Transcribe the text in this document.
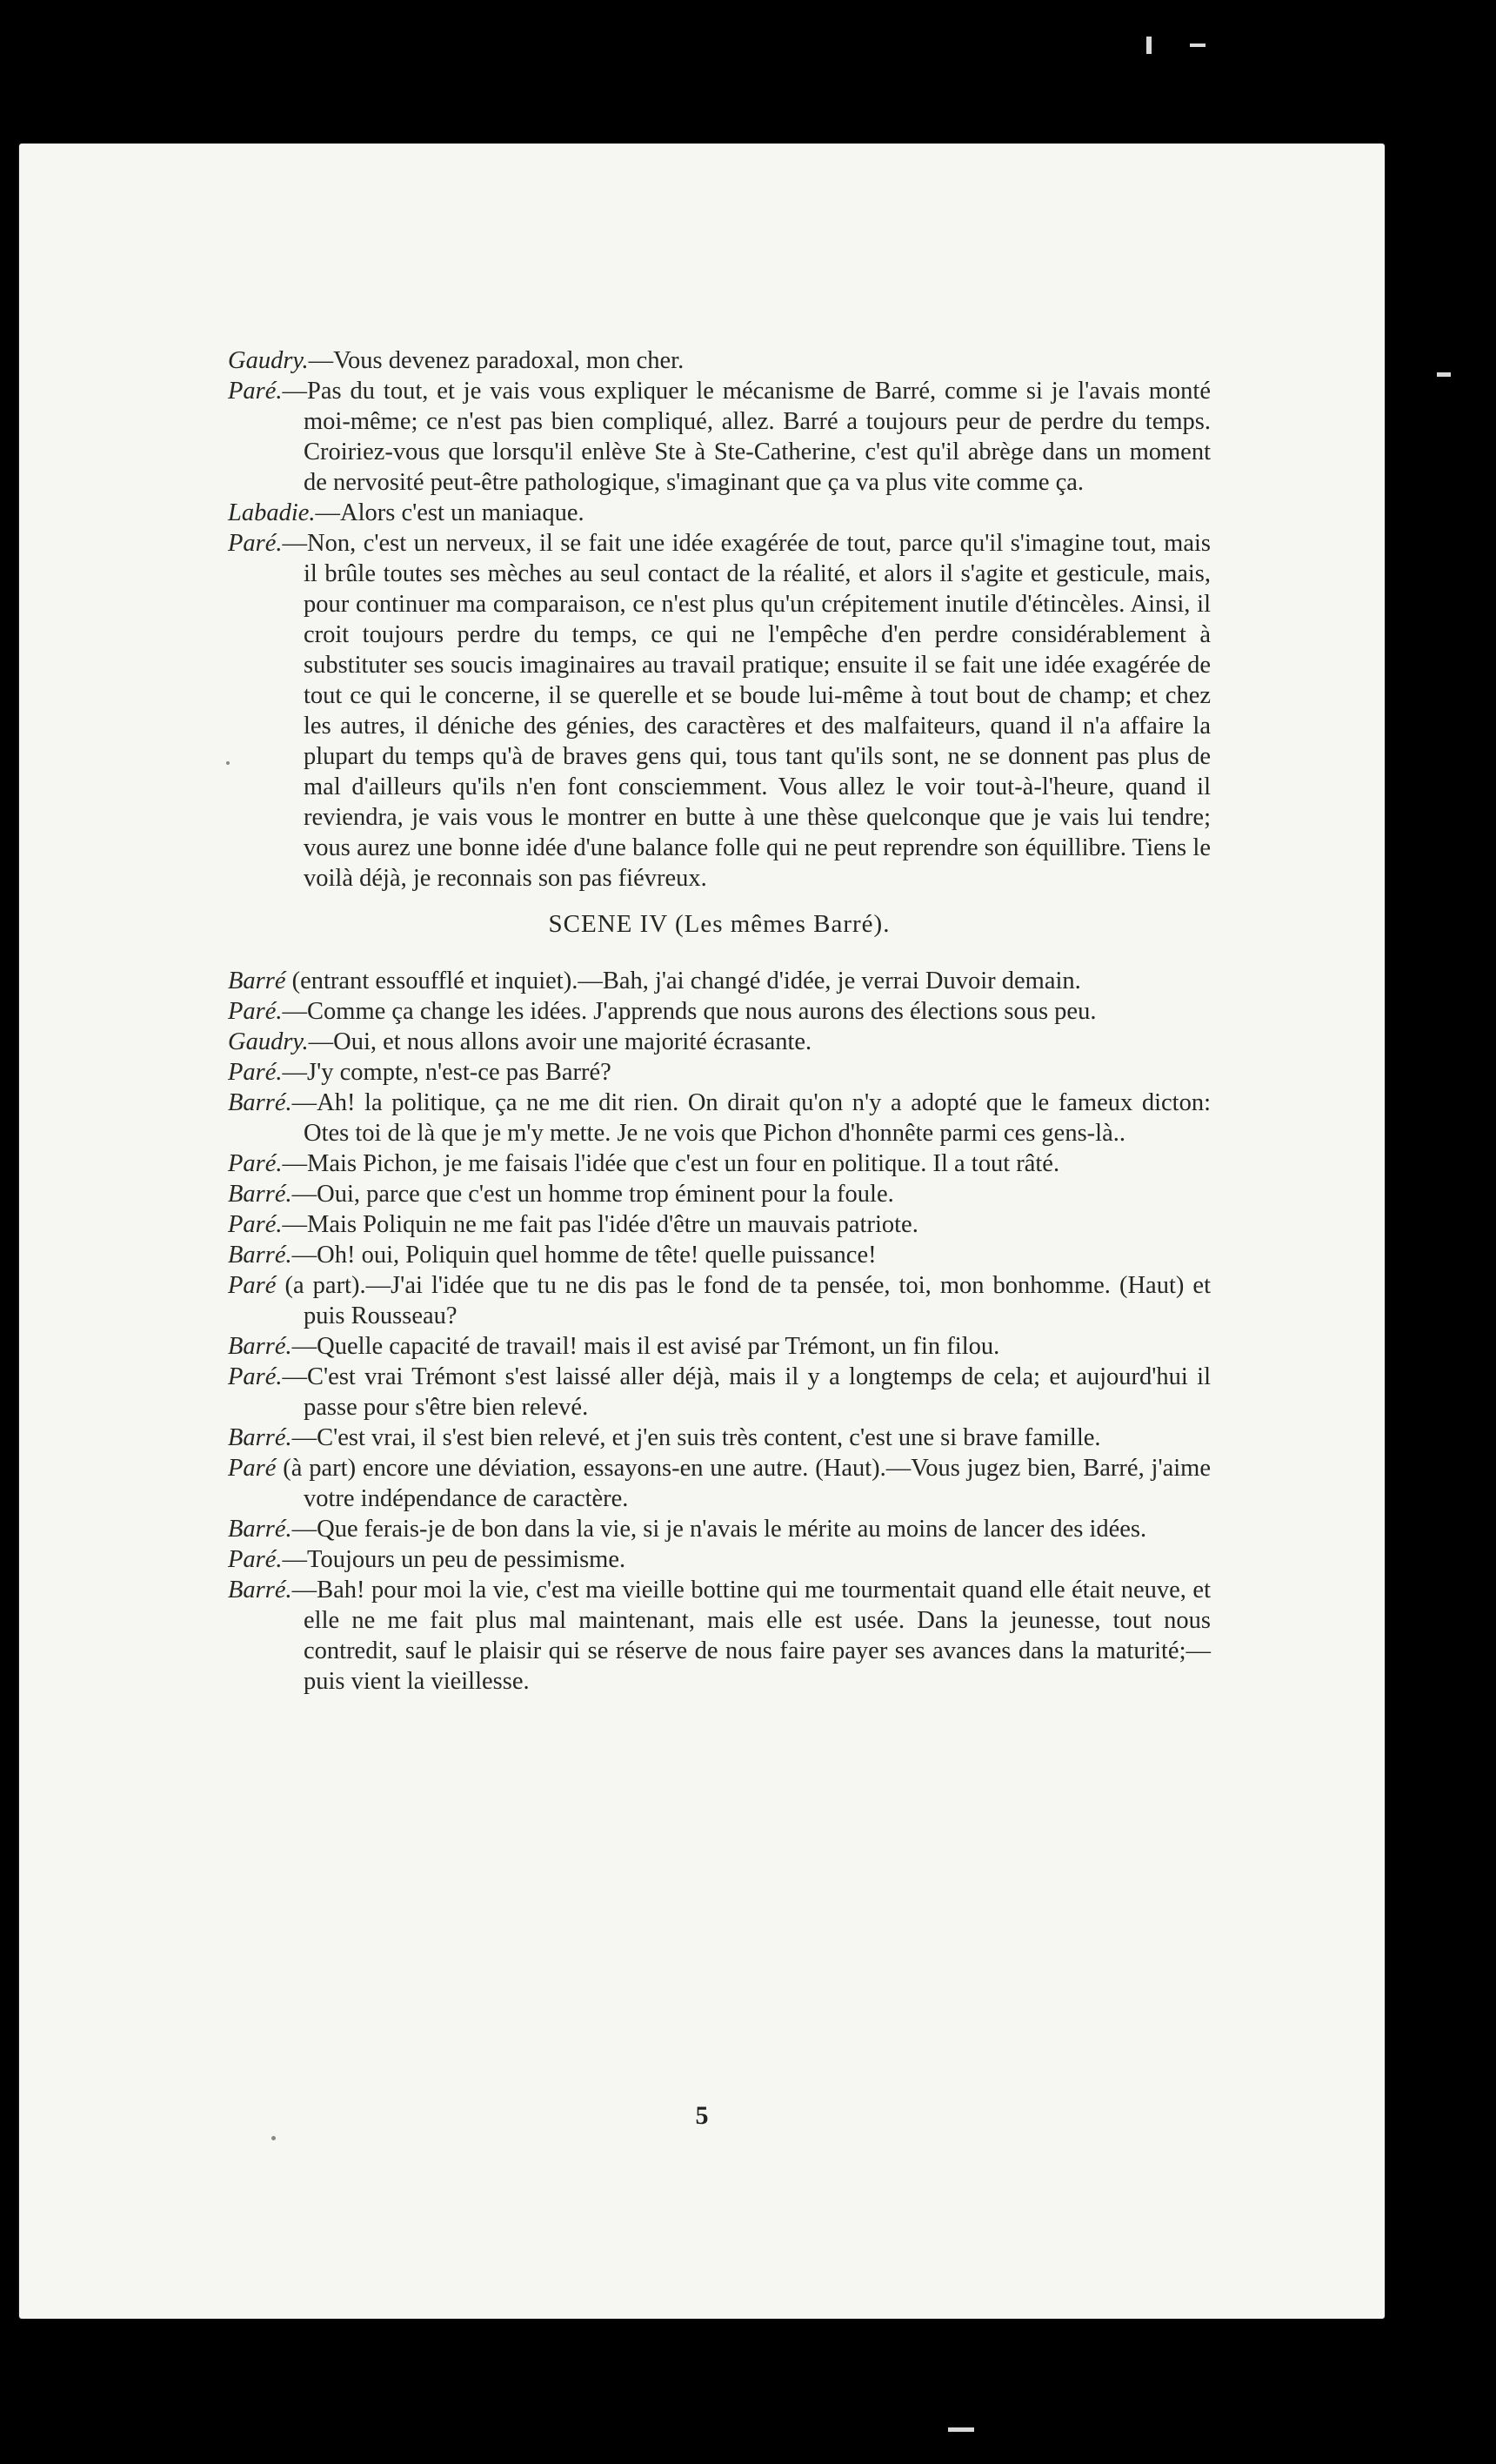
Gaudry.—Vous devenez paradoxal, mon cher.

Paré.—Pas du tout, et je vais vous expliquer le mécanisme de Barré, comme si je l'avais monté moi-même; ce n'est pas bien compliqué, allez. Barré a toujours peur de perdre du temps. Croiriez-vous que lorsqu'il enlève Ste à Ste-Catherine, c'est qu'il abrège dans un moment de nervosité peut-être pathologique, s'imaginant que ça va plus vite comme ça.

Labadie.—Alors c'est un maniaque.

Paré.—Non, c'est un nerveux, il se fait une idée exagérée de tout, parce qu'il s'imagine tout, mais il brûle toutes ses mèches au seul contact de la réalité, et alors il s'agite et gesticule, mais, pour continuer ma comparaison, ce n'est plus qu'un crépitement inutile d'étincèles. Ainsi, il croit toujours perdre du temps, ce qui ne l'empêche d'en perdre considérablement à substituter ses soucis imaginaires au travail pratique; ensuite il se fait une idée exagérée de tout ce qui le concerne, il se querelle et se boude lui-même à tout bout de champ; et chez les autres, il déniche des génies, des caractères et des malfaiteurs, quand il n'a affaire la plupart du temps qu'à de braves gens qui, tous tant qu'ils sont, ne se donnent pas plus de mal d'ailleurs qu'ils n'en font consciemment. Vous allez le voir tout-à-l'heure, quand il reviendra, je vais vous le montrer en butte à une thèse quelconque que je vais lui tendre; vous aurez une bonne idée d'une balance folle qui ne peut reprendre son équillibre. Tiens le voilà déjà, je reconnais son pas fiévreux.

SCENE IV (Les mêmes Barré).

Barré (entrant essoufflé et inquiet).—Bah, j'ai changé d'idée, je verrai Duvoir demain.

Paré.—Comme ça change les idées. J'apprends que nous aurons des élections sous peu.

Gaudry.—Oui, et nous allons avoir une majorité écrasante.

Paré.—J'y compte, n'est-ce pas Barré?

Barré.—Ah! la politique, ça ne me dit rien. On dirait qu'on n'y a adopté que le fameux dicton: Otes toi de là que je m'y mette. Je ne vois que Pichon d'honnête parmi ces gens-là..

Paré.—Mais Pichon, je me faisais l'idée que c'est un four en politique. Il a tout râté.

Barré.—Oui, parce que c'est un homme trop éminent pour la foule.

Paré.—Mais Poliquin ne me fait pas l'idée d'être un mauvais patriote.

Barré.—Oh! oui, Poliquin quel homme de tête! quelle puissance!

Paré (a part).—J'ai l'idée que tu ne dis pas le fond de ta pensée, toi, mon bonhomme. (Haut) et puis Rousseau?

Barré.—Quelle capacité de travail! mais il est avisé par Trémont, un fin filou.

Paré.—C'est vrai Trémont s'est laissé aller déjà, mais il y a longtemps de cela; et aujourd'hui il passe pour s'être bien relevé.

Barré.—C'est vrai, il s'est bien relevé, et j'en suis très content, c'est une si brave famille.

Paré (à part) encore une déviation, essayons-en une autre. (Haut).—Vous jugez bien, Barré, j'aime votre indépendance de caractère.

Barré.—Que ferais-je de bon dans la vie, si je n'avais le mérite au moins de lancer des idées.

Paré.—Toujours un peu de pessimisme.

Barré.—Bah! pour moi la vie, c'est ma vieille bottine qui me tourmentait quand elle était neuve, et elle ne me fait plus mal maintenant, mais elle est usée. Dans la jeunesse, tout nous contredit, sauf le plaisir qui se réserve de nous faire payer ses avances dans la maturité;—puis vient la vieillesse.

5
